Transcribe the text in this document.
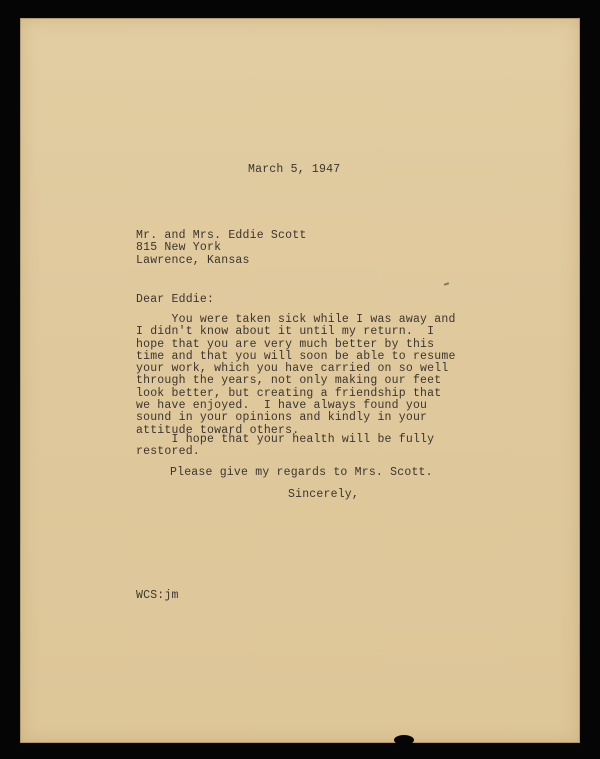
March 5, 1947

Mr. and Mrs. Eddie Scott
815 New York
Lawrence, Kansas

Dear Eddie:

You were taken sick while I was away and
I didn't know about it until my return.  I
hope that you are very much better by this
time and that you will soon be able to resume
your work, which you have carried on so well
through the years, not only making our feet
look better, but creating a friendship that
we have enjoyed.  I have always found you
sound in your opinions and kindly in your
attitude toward others.
I hope that your health will be fully
restored.

Please give my regards to Mrs. Scott.

Sincerely,

WCS:jm
